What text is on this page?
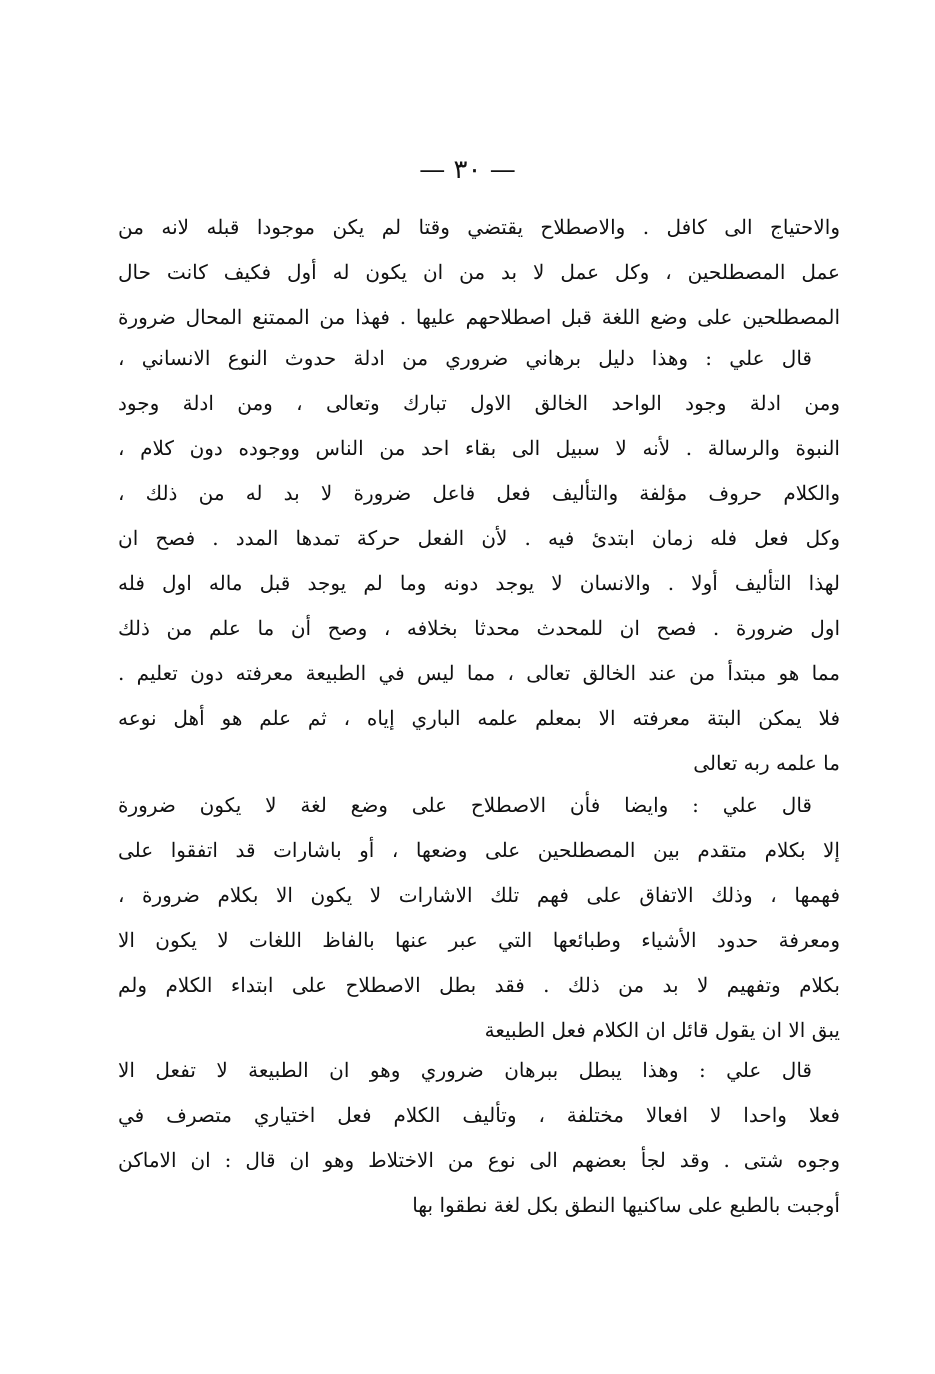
— ٣٠ —
والاحتياج الى كافل . والاصطلاح يقتضي وقتا لم يكن موجودا قبله لانه من
عمل المصطلحين ، وكل عمل لا بد من ان يكون له أول فكيف كانت حال
المصطلحين على وضع اللغة قبل اصطلاحهم عليها . فهذا من الممتنع المحال ضرورة
قال علي : وهذا دليل برهاني ضروري من ادلة حدوث النوع الانساني ،
ومن ادلة وجود الواحد الخالق الاول تبارك وتعالى ، ومن ادلة وجود
النبوة والرسالة . لأنه لا سبيل الى بقاء احد من الناس ووجوده دون كلام ،
والكلام حروف مؤلفة والتأليف فعل فاعل ضرورة لا بد له من ذلك ،
وكل فعل فله زمان ابتدئ فيه . لأن الفعل حركة تمدها المدد . فصح ان
لهذا التأليف أولا . والانسان لا يوجد دونه وما لم يوجد قبل ماله اول فله
اول ضرورة . فصح ان للمحدث محدثا بخلافه ، وصح أن ما علم من ذلك
مما هو مبتدأ من عند الخالق تعالى ، مما ليس في الطبيعة معرفته دون تعليم .
فلا يمكن البتة معرفته الا بمعلم علمه الباري إياه ، ثم علم هو أهل نوعه
ما علمه ربه تعالى
قال علي : وايضا فأن الاصطلاح على وضع لغة لا يكون ضرورة
إلا بكلام متقدم بين المصطلحين على وضعها ، أو باشارات قد اتفقوا على
فهمها ، وذلك الاتفاق على فهم تلك الاشارات لا يكون الا بكلام ضرورة ،
ومعرفة حدود الأشياء وطبائعها التي عبر عنها بالفاظ اللغات لا يكون الا
بكلام وتفهيم لا بد من ذلك . فقد بطل الاصطلاح على ابتداء الكلام ولم
يبق الا ان يقول قائل ان الكلام فعل الطبيعة
قال علي : وهذا يبطل ببرهان ضروري وهو ان الطبيعة لا تفعل الا
فعلا واحدا لا افعالا مختلفة ، وتأليف الكلام فعل اختياري متصرف في
وجوه شتى . وقد لجأ بعضهم الى نوع من الاختلاط وهو ان قال : ان الاماكن
أوجبت بالطبع على ساكنيها النطق بكل لغة نطقوا بها
